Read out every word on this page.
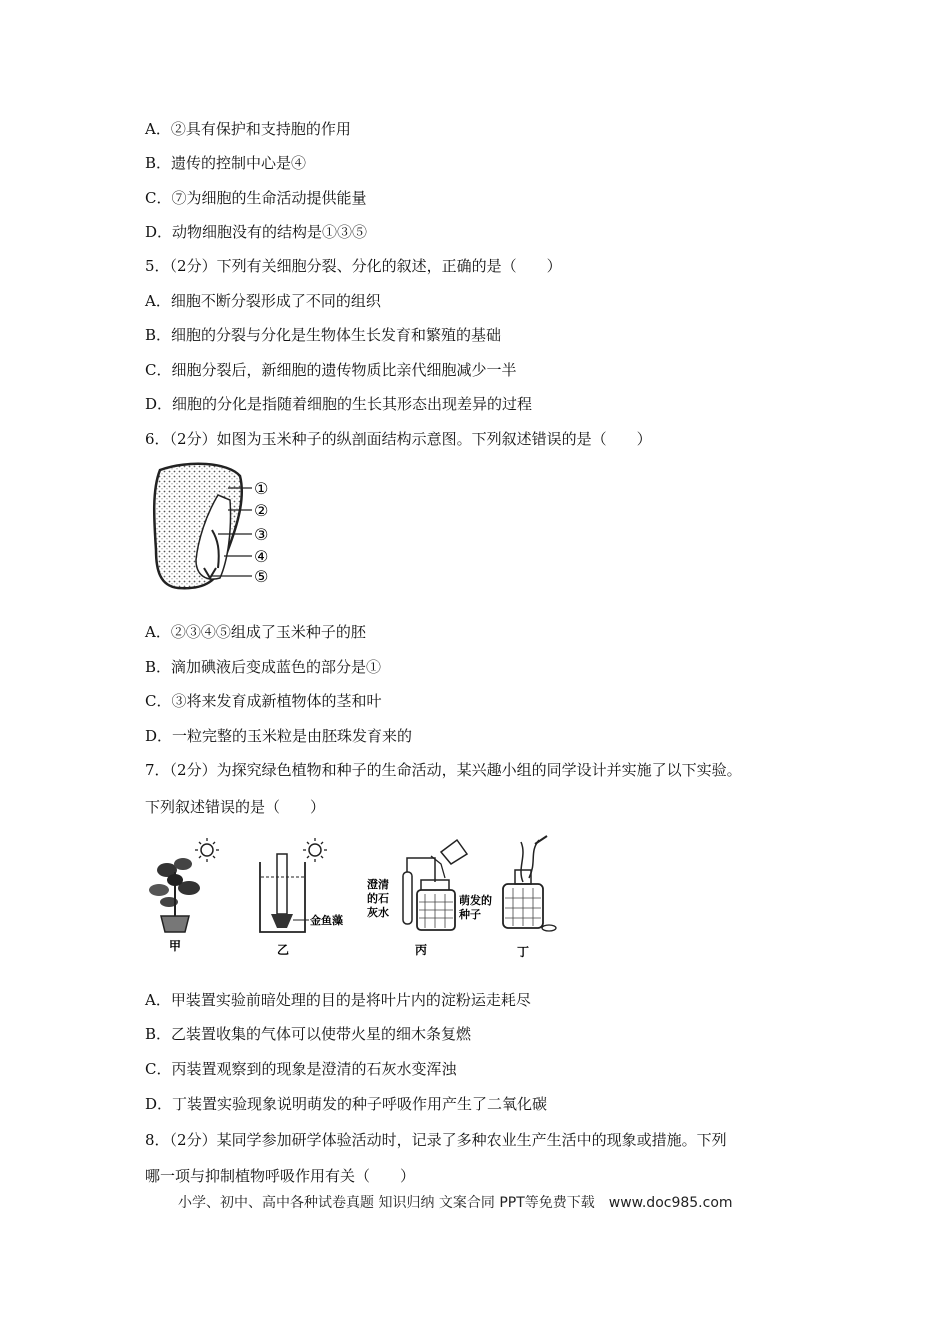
A．②具有保护和支持胞的作用
B．遗传的控制中心是④
C．⑦为细胞的生命活动提供能量
D．动物细胞没有的结构是①③⑤
5．（2分）下列有关细胞分裂、分化的叙述，正确的是（　　）
A．细胞不断分裂形成了不同的组织
B．细胞的分裂与分化是生物体生长发育和繁殖的基础
C．细胞分裂后，新细胞的遗传物质比亲代细胞减少一半
D．细胞的分化是指随着细胞的生长其形态出现差异的过程
6．（2分）如图为玉米种子的纵剖面结构示意图。下列叙述错误的是（　　）
①
②
③
④
⑤
A．②③④⑤组成了玉米种子的胚
B．滴加碘液后变成蓝色的部分是①
C．③将来发育成新植物体的茎和叶
D．一粒完整的玉米粒是由胚珠发育来的
7．（2分）为探究绿色植物和种子的生命活动，某兴趣小组的同学设计并实施了以下实验。
下列叙述错误的是（　　）
甲
金鱼藻
乙
澄清
的石
灰水
萌发的
种子
丙	丁
A．甲装置实验前暗处理的目的是将叶片内的淀粉运走耗尽
B．乙装置收集的气体可以使带火星的细木条复燃
C．丙装置观察到的现象是澄清的石灰水变浑浊
D．丁装置实验现象说明萌发的种子呼吸作用产生了二氧化碳
8．（2分）某同学参加研学体验活动时，记录了多种农业生产生活中的现象或措施。下列
哪一项与抑制植物呼吸作用有关（　　）
小学、初中、高中各种试卷真题 知识归纳 文案合同 PPT等免费下载　www.doc985.com
